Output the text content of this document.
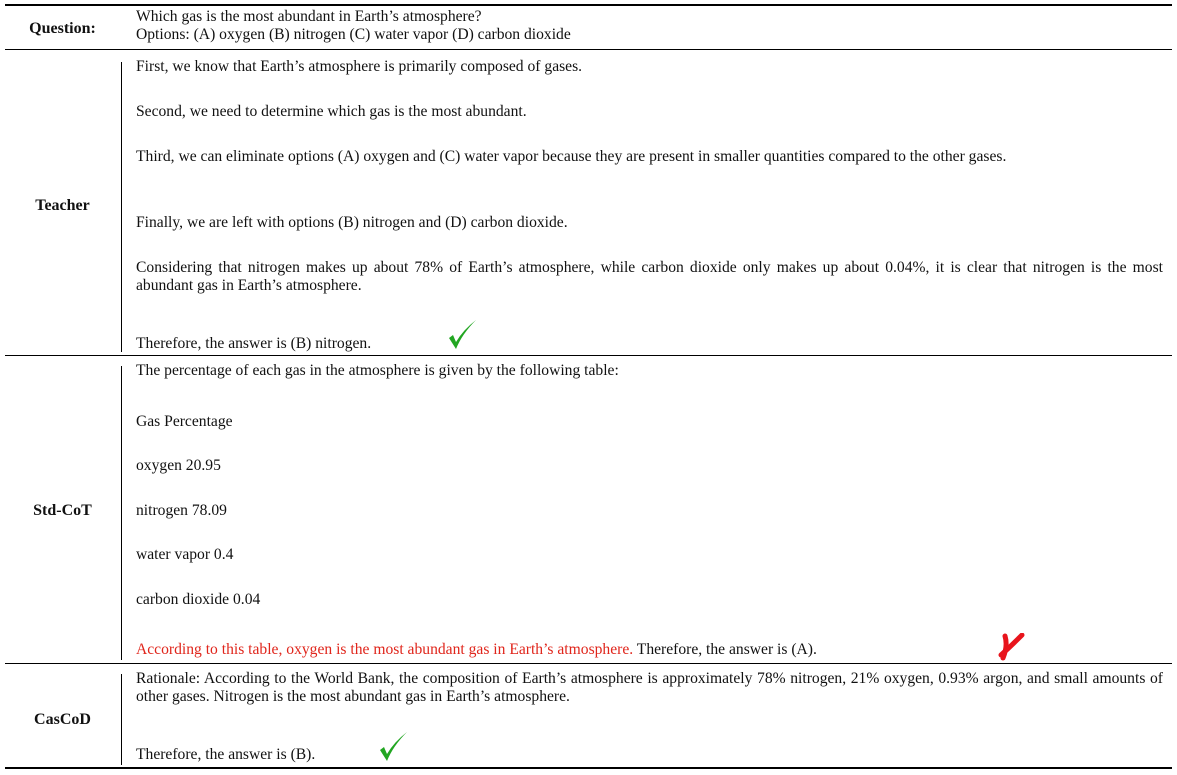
Question:
Which gas is the most abundant in Earth’s atmosphere?
Options: (A) oxygen (B) nitrogen (C) water vapor (D) carbon dioxide
Teacher
First, we know that Earth’s atmosphere is primarily composed of gases.
Second, we need to determine which gas is the most abundant.
Third, we can eliminate options (A) oxygen and (C) water vapor because they are present in smaller quantities compared to the other gases.
Finally, we are left with options (B) nitrogen and (D) carbon dioxide.
Considering that nitrogen makes up about 78% of Earth’s atmosphere, while carbon dioxide only makes up about 0.04%, it is clear that nitrogen is the most abundant gas in Earth’s atmosphere.
Therefore, the answer is (B) nitrogen.
Std-CoT
The percentage of each gas in the atmosphere is given by the following table:
Gas Percentage
oxygen 20.95
nitrogen 78.09
water vapor 0.4
carbon dioxide 0.04
According to this table, oxygen is the most abundant gas in Earth’s atmosphere. Therefore, the answer is (A).
CasCoD
Rationale: According to the World Bank, the composition of Earth’s atmosphere is approximately 78% nitrogen, 21% oxygen, 0.93% argon, and small amounts of other gases. Nitrogen is the most abundant gas in Earth’s atmosphere.
Therefore, the answer is (B).
